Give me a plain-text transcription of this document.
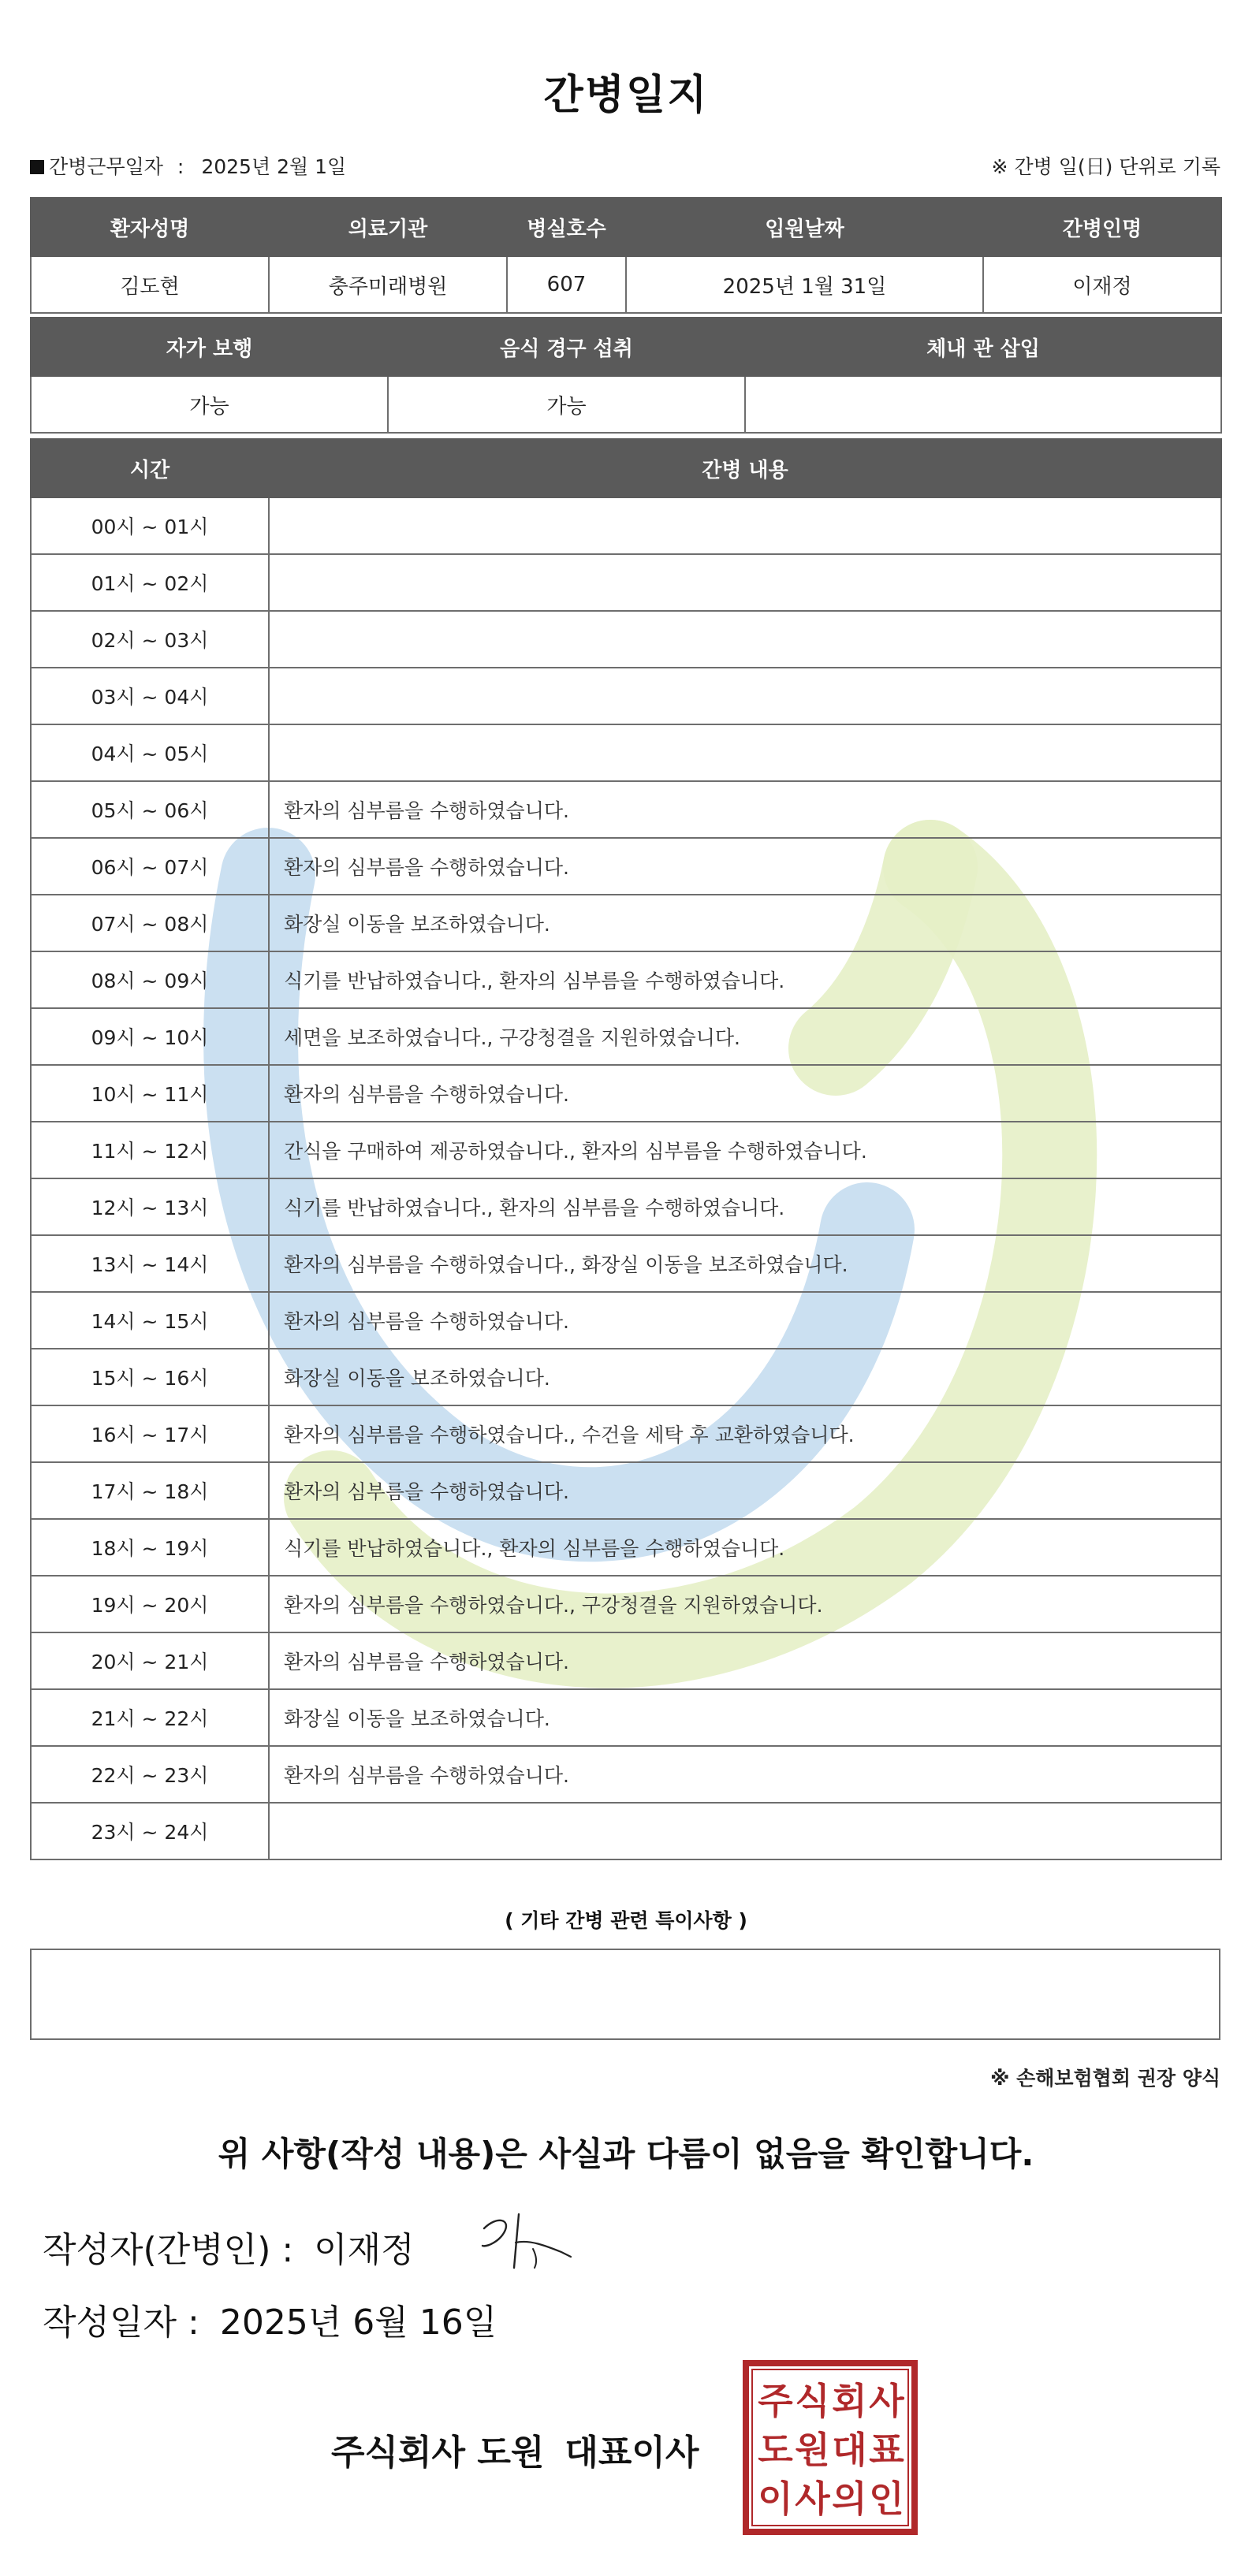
간병일지
간병근무일자 : 2025년 2월 1일	※ 간병 일(日) 단위로 기록
환자성명	의료기관	병실호수	입원날짜	간병인명
김도현	충주미래병원	607	2025년 1월 31일	이재정
자가 보행	음식 경구 섭취	체내 관 삽입
가능	가능	
시간	간병 내용
00시 ~ 01시	
01시 ~ 02시	
02시 ~ 03시	
03시 ~ 04시	
04시 ~ 05시	
05시 ~ 06시	환자의 심부름을 수행하였습니다.
06시 ~ 07시	환자의 심부름을 수행하였습니다.
07시 ~ 08시	화장실 이동을 보조하였습니다.
08시 ~ 09시	식기를 반납하였습니다., 환자의 심부름을 수행하였습니다.
09시 ~ 10시	세면을 보조하였습니다., 구강청결을 지원하였습니다.
10시 ~ 11시	환자의 심부름을 수행하였습니다.
11시 ~ 12시	간식을 구매하여 제공하였습니다., 환자의 심부름을 수행하였습니다.
12시 ~ 13시	식기를 반납하였습니다., 환자의 심부름을 수행하였습니다.
13시 ~ 14시	환자의 심부름을 수행하였습니다., 화장실 이동을 보조하였습니다.
14시 ~ 15시	환자의 심부름을 수행하였습니다.
15시 ~ 16시	화장실 이동을 보조하였습니다.
16시 ~ 17시	환자의 심부름을 수행하였습니다., 수건을 세탁 후 교환하였습니다.
17시 ~ 18시	환자의 심부름을 수행하였습니다.
18시 ~ 19시	식기를 반납하였습니다., 환자의 심부름을 수행하였습니다.
19시 ~ 20시	환자의 심부름을 수행하였습니다., 구강청결을 지원하였습니다.
20시 ~ 21시	환자의 심부름을 수행하였습니다.
21시 ~ 22시	화장실 이동을 보조하였습니다.
22시 ~ 23시	환자의 심부름을 수행하였습니다.
23시 ~ 24시	
( 기타 간병 관련 특이사항 )
※ 손해보험협회 권장 양식
위 사항(작성 내용)은 사실과 다름이 없음을 확인합니다.
작성자(간병인) : 이재정
작성일자 : 2025년 6월 16일
주식회사 도원 대표이사
주 식 회 사
도 원 대 표
이 사 의 인
